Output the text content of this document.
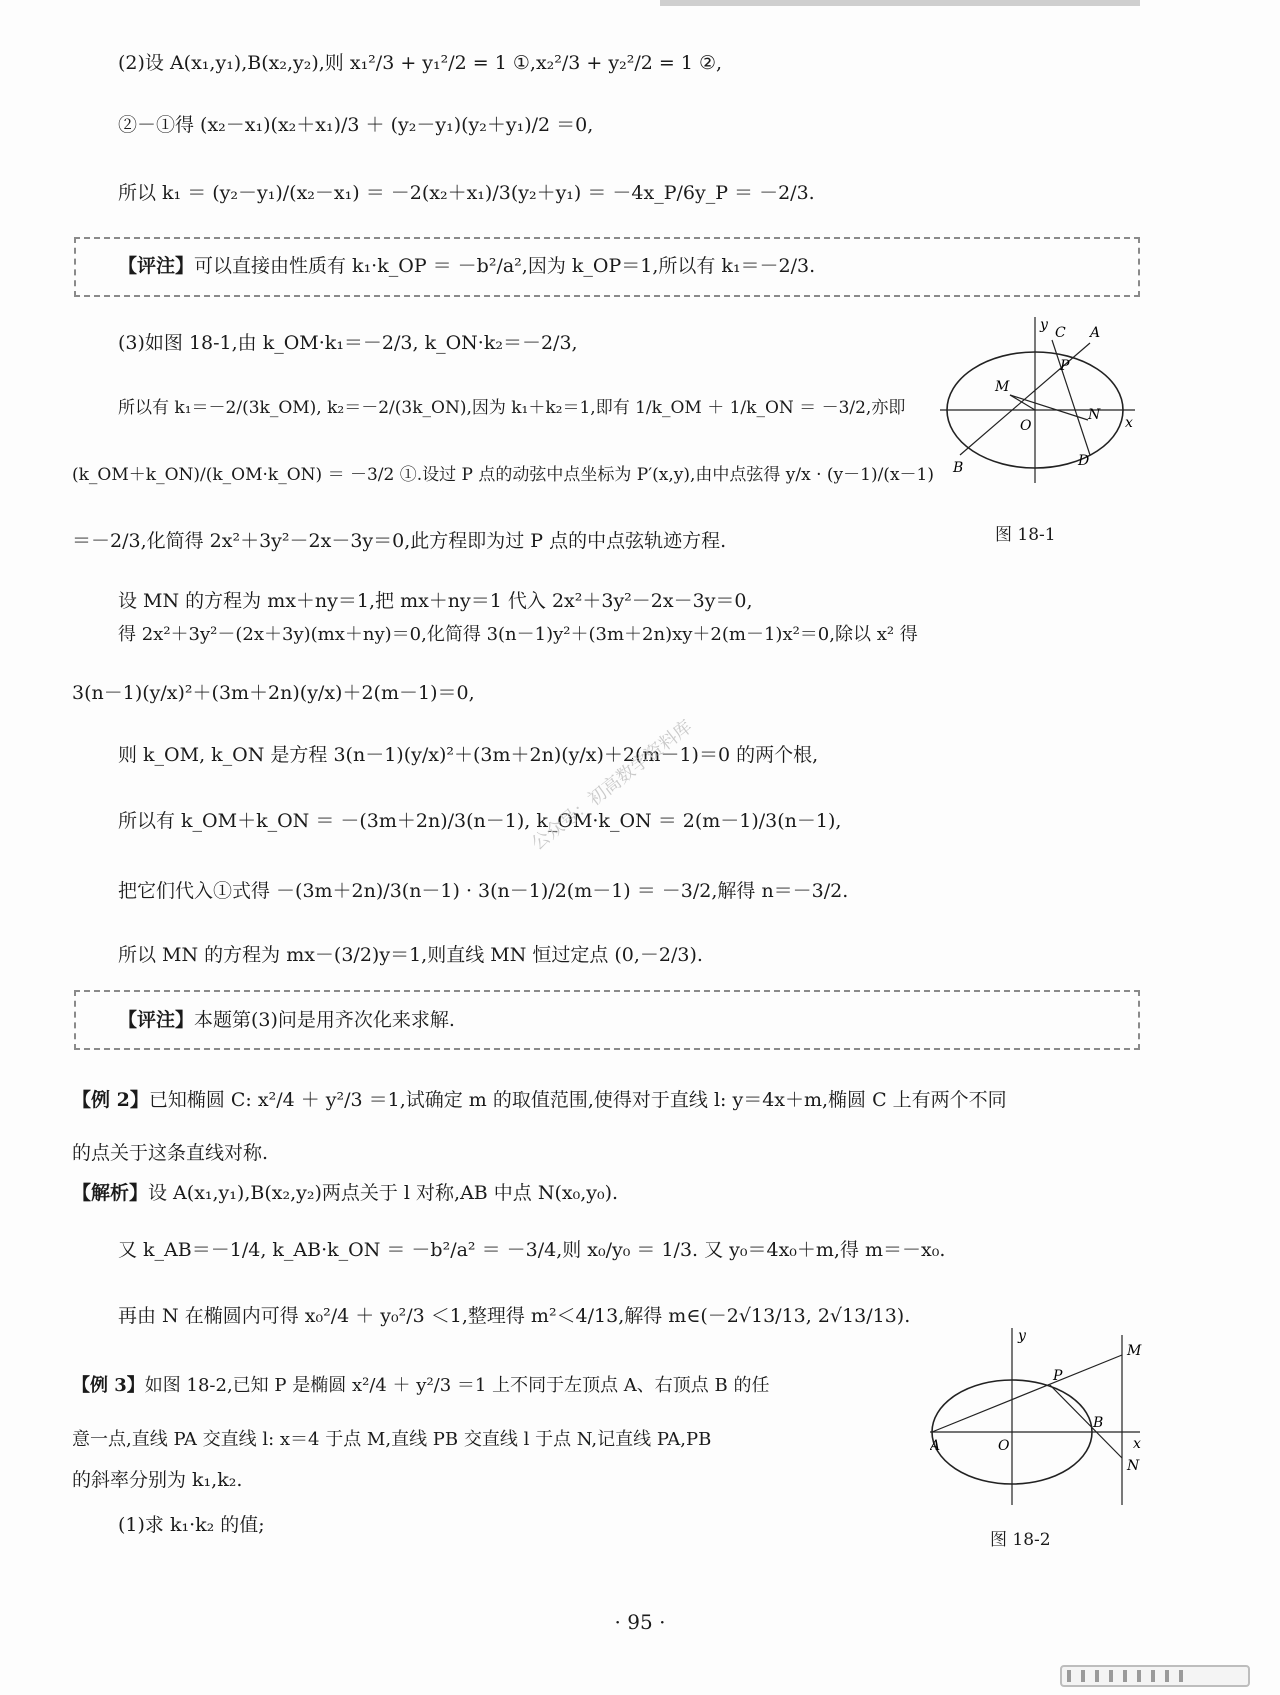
(2)设 A(x₁,y₁),B(x₂,y₂),则 x₁²/3 + y₁²/2 = 1 ①,x₂²/3 + y₂²/2 = 1 ②,
②－①得 (x₂－x₁)(x₂＋x₁)/3 ＋ (y₂－y₁)(y₂＋y₁)/2 ＝0,
所以 k₁ ＝ (y₂－y₁)/(x₂－x₁) ＝ －2(x₂＋x₁)/3(y₂＋y₁) ＝ －4x_P/6y_P ＝ －2/3.
【评注】可以直接由性质有 k₁·k_OP ＝ －b²/a²,因为 k_OP＝1,所以有 k₁＝－2/3.
(3)如图 18-1,由 k_OM·k₁＝－2/3, k_ON·k₂＝－2/3,
所以有 k₁＝－2/(3k_OM), k₂＝－2/(3k_ON),因为 k₁＋k₂＝1,即有 1/k_OM ＋ 1/k_ON ＝ －3/2,亦即
(k_OM＋k_ON)/(k_OM·k_ON) ＝ －3/2 ①.设过 P 点的动弦中点坐标为 P′(x,y),由中点弦得 y/x · (y－1)/(x－1)
＝－2/3,化简得 2x²＋3y²－2x－3y＝0,此方程即为过 P 点的中点弦轨迹方程.
y
x
O
C A
P
M
N
B	D
图 18-1
设 MN 的方程为 mx＋ny＝1,把 mx＋ny＝1 代入 2x²＋3y²－2x－3y＝0,
得 2x²＋3y²－(2x＋3y)(mx＋ny)＝0,化简得 3(n－1)y²＋(3m＋2n)xy＋2(m－1)x²＝0,除以 x² 得
3(n－1)(y/x)²＋(3m＋2n)(y/x)＋2(m－1)＝0,
则 k_OM, k_ON 是方程 3(n－1)(y/x)²＋(3m＋2n)(y/x)＋2(m－1)＝0 的两个根,
所以有 k_OM＋k_ON ＝ －(3m＋2n)/3(n－1), k_OM·k_ON ＝ 2(m－1)/3(n－1),
把它们代入①式得 －(3m＋2n)/3(n－1) · 3(n－1)/2(m－1) ＝ －3/2,解得 n＝－3/2.
所以 MN 的方程为 mx－(3/2)y＝1,则直线 MN 恒过定点 (0,－2/3).
公众号：初高数学资料库
【评注】本题第(3)问是用齐次化来求解.
【例 2】已知椭圆 C: x²/4 ＋ y²/3 ＝1,试确定 m 的取值范围,使得对于直线 l: y＝4x＋m,椭圆 C 上有两个不同
的点关于这条直线对称.
【解析】设 A(x₁,y₁),B(x₂,y₂)两点关于 l 对称,AB 中点 N(x₀,y₀).
又 k_AB＝－1/4, k_AB·k_ON ＝ －b²/a² ＝ －3/4,则 x₀/y₀ ＝ 1/3. 又 y₀＝4x₀＋m,得 m＝－x₀.
再由 N 在椭圆内可得 x₀²/4 ＋ y₀²/3 ＜1,整理得 m²＜4/13,解得 m∈(－2√13/13, 2√13/13).
【例 3】如图 18-2,已知 P 是椭圆 x²/4 ＋ y²/3 ＝1 上不同于左顶点 A、右顶点 B 的任
意一点,直线 PA 交直线 l: x＝4 于点 M,直线 PB 交直线 l 于点 N,记直线 PA,PB
的斜率分别为 k₁,k₂.
(1)求 k₁·k₂ 的值;
y
x
O
A
B
P
M
N
图 18-2
· 95 ·
